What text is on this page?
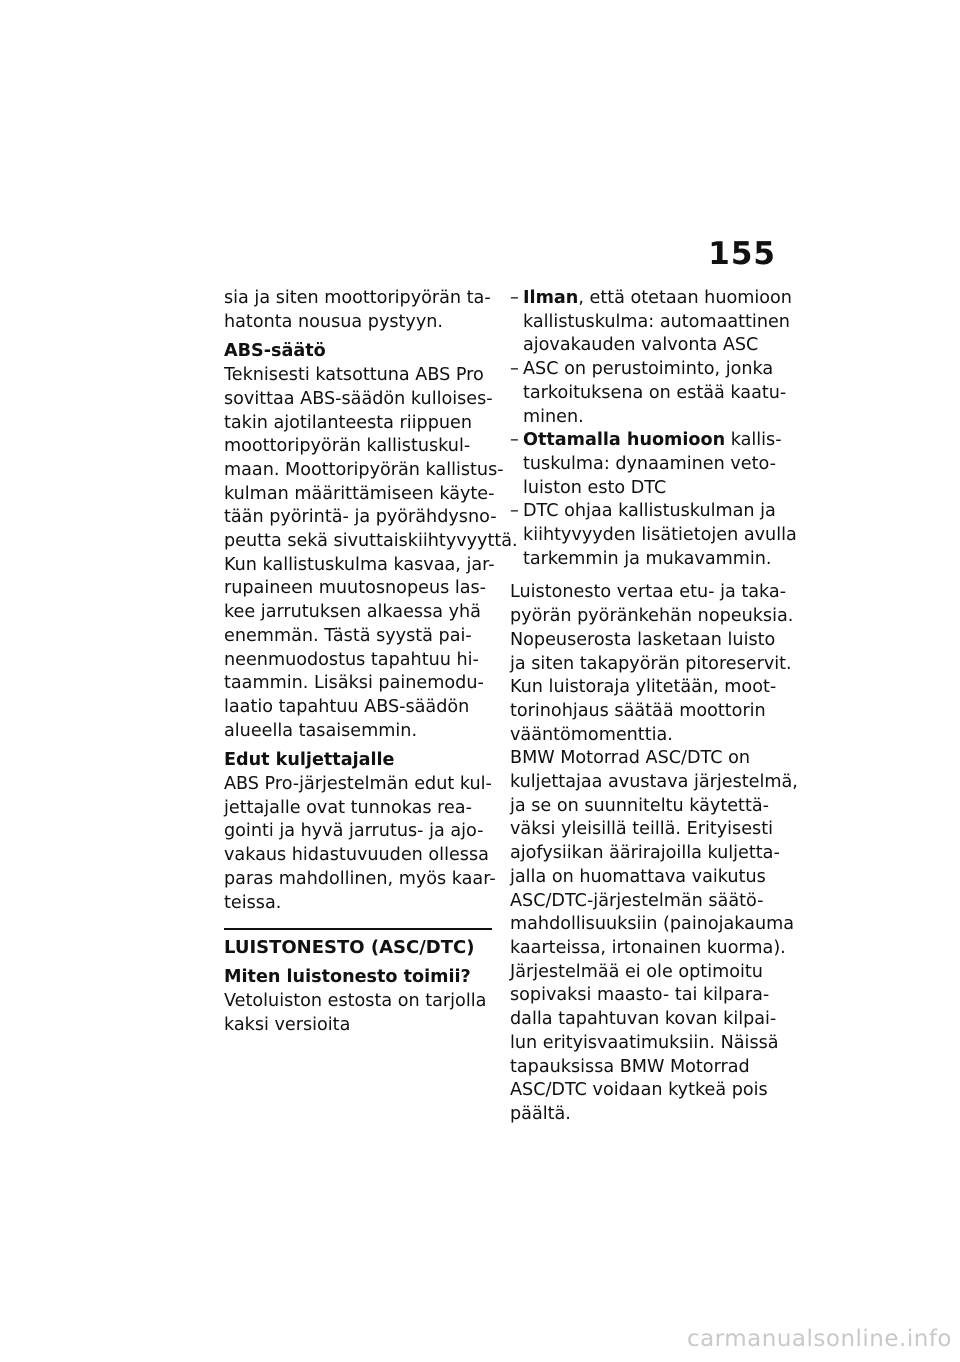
155
sia ja siten moottoripyörän ta-
hatonta nousua pystyyn.
ABS-säätö
Teknisesti katsottuna ABS Pro
sovittaa ABS-säädön kulloises-
takin ajotilanteesta riippuen
moottoripyörän kallistuskul-
maan. Moottoripyörän kallistus-
kulman määrittämiseen käyte-
tään pyörintä- ja pyörähdysno-
peutta sekä sivuttaiskiihtyvyyttä.
Kun kallistuskulma kasvaa, jar-
rupaineen muutosnopeus las-
kee jarrutuksen alkaessa yhä
enemmän. Tästä syystä pai-
neenmuodostus tapahtuu hi-
taammin. Lisäksi painemodu-
laatio tapahtuu ABS-säädön
alueella tasaisemmin.
Edut kuljettajalle
ABS Pro-järjestelmän edut kul-
jettajalle ovat tunnokas rea-
gointi ja hyvä jarrutus- ja ajo-
vakaus hidastuvuuden ollessa
paras mahdollinen, myös kaar-
teissa.
LUISTONESTO (ASC/DTC)
Miten luistonesto toimii?
Vetoluiston estosta on tarjolla
kaksi versioita
– Ilman, että otetaan huomioon
kallistuskulma: automaattinen
ajovakauden valvonta ASC
– ASC on perustoiminto, jonka
tarkoituksena on estää kaatu-
minen.
– Ottamalla huomioon kallis-
tuskulma: dynaaminen veto-
luiston esto DTC
– DTC ohjaa kallistuskulman ja
kiihtyvyyden lisätietojen avulla
tarkemmin ja mukavammin.
Luistonesto vertaa etu- ja taka-
pyörän pyöränkehän nopeuksia.
Nopeuserosta lasketaan luisto
ja siten takapyörän pitoreservit.
Kun luistoraja ylitetään, moot-
torinohjaus säätää moottorin
vääntömomenttia.
BMW Motorrad ASC/DTC on
kuljettajaa avustava järjestelmä,
ja se on suunniteltu käytettä-
väksi yleisillä teillä. Erityisesti
ajofysiikan äärirajoilla kuljetta-
jalla on huomattava vaikutus
ASC/DTC-järjestelmän säätö-
mahdollisuuksiin (painojakauma
kaarteissa, irtonainen kuorma).
Järjestelmää ei ole optimoitu
sopivaksi maasto- tai kilpara-
dalla tapahtuvan kovan kilpai-
lun erityisvaatimuksiin. Näissä
tapauksissa BMW Motorrad
ASC/DTC voidaan kytkeä pois
päältä.
carmanualsonline.info
